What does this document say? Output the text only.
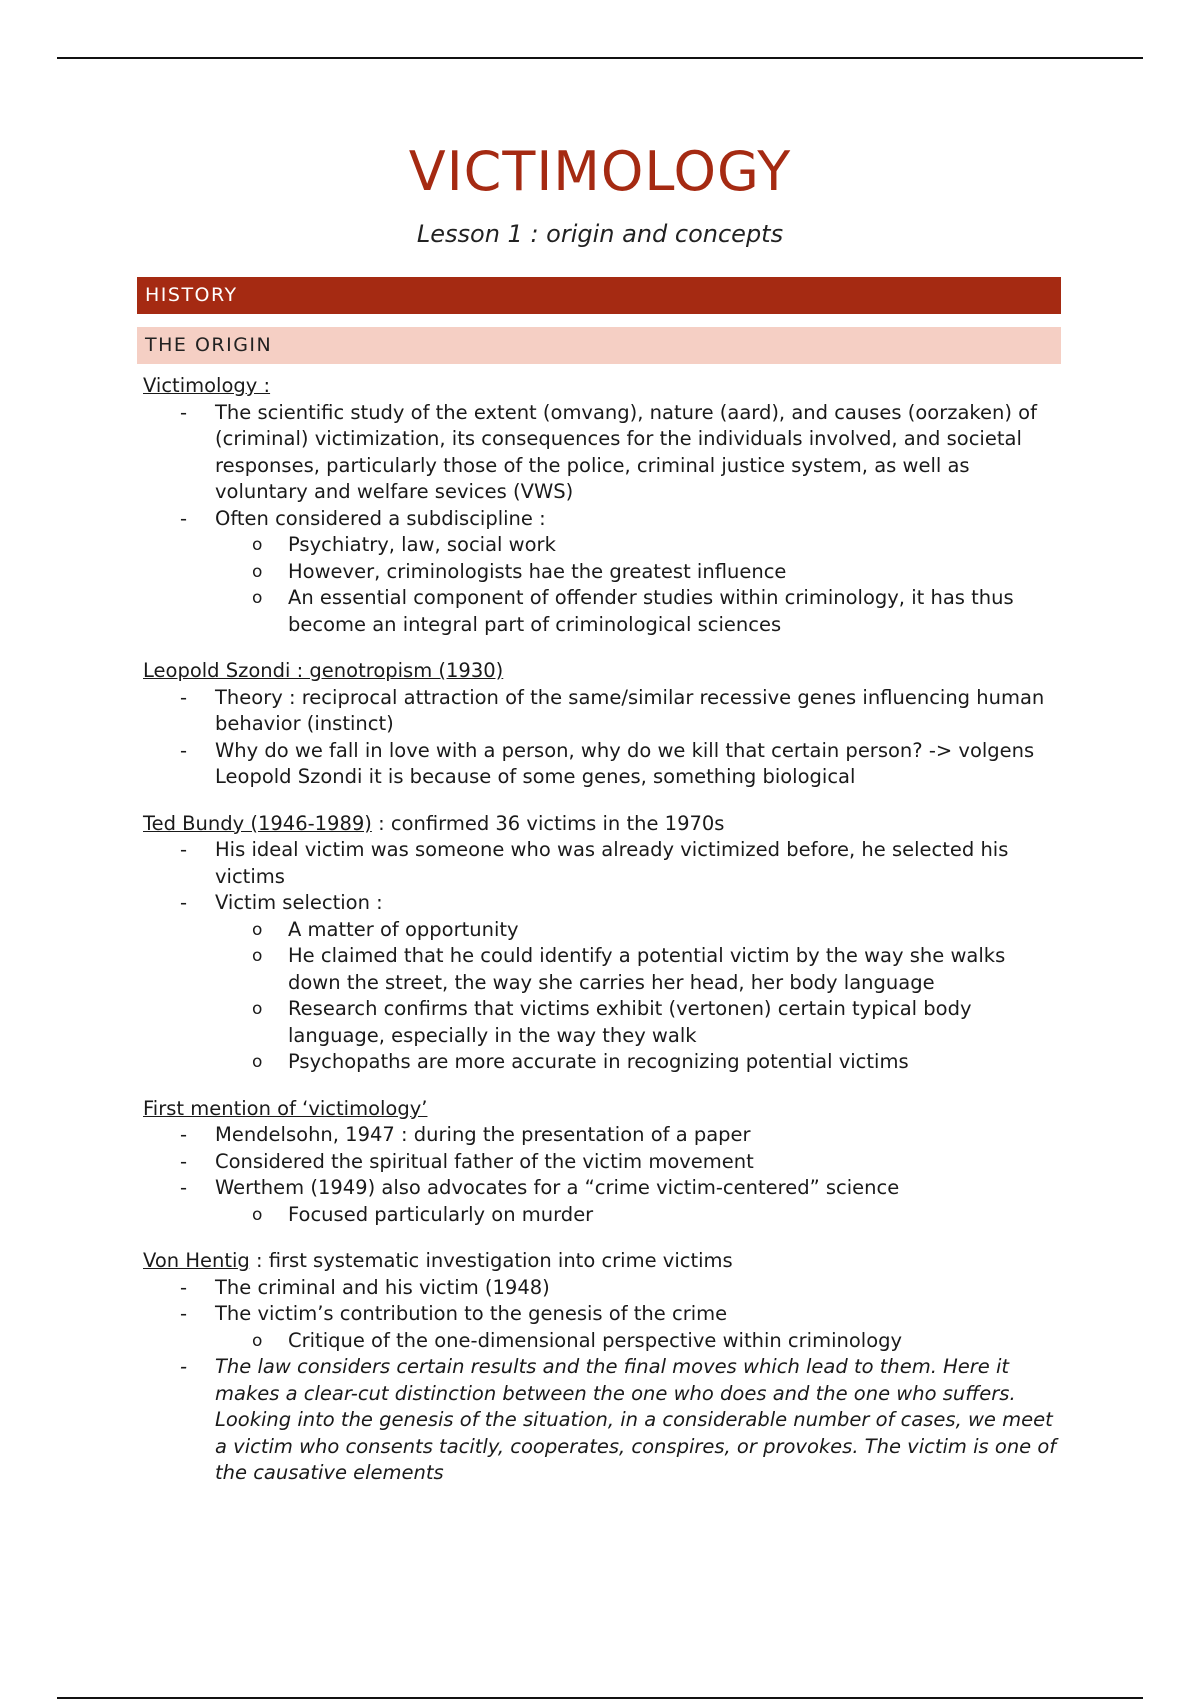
VICTIMOLOGY
Lesson 1 : origin and concepts
HISTORY
THE ORIGIN

Victimology :

- The scientific study of the extent (omvang), nature (aard), and causes (oorzaken) of (criminal) victimization, its consequences for the individuals involved, and societal responses, particularly those of the police, criminal justice system, as well as voluntary and welfare sevices (VWS)
- Often considered a subdiscipline :
o Psychiatry, law, social work
o However, criminologists hae the greatest influence
o An essential component of offender studies within criminology, it has thus become an integral part of criminological sciences

Leopold Szondi : genotropism (1930)

- Theory : reciprocal attraction of the same/similar recessive genes influencing human behavior (instinct)
- Why do we fall in love with a person, why do we kill that certain person? -> volgens Leopold Szondi it is because of some genes, something biological

Ted Bundy (1946-1989) : confirmed 36 victims in the 1970s

- His ideal victim was someone who was already victimized before, he selected his victims
- Victim selection :
o A matter of opportunity
o He claimed that he could identify a potential victim by the way she walks down the street, the way she carries her head, her body language
o Research confirms that victims exhibit (vertonen) certain typical body language, especially in the way they walk
o Psychopaths are more accurate in recognizing potential victims

First mention of ‘victimology’

- Mendelsohn, 1947 : during the presentation of a paper
- Considered the spiritual father of the victim movement
- Werthem (1949) also advocates for a “crime victim-centered” science
o Focused particularly on murder

Von Hentig : first systematic investigation into crime victims

- The criminal and his victim (1948)
- The victim’s contribution to the genesis of the crime
o Critique of the one-dimensional perspective within criminology
- The law considers certain results and the final moves which lead to them. Here it makes a clear-cut distinction between the one who does and the one who suffers. Looking into the genesis of the situation, in a considerable number of cases, we meet a victim who consents tacitly, cooperates, conspires, or provokes. The victim is one of the causative elements
